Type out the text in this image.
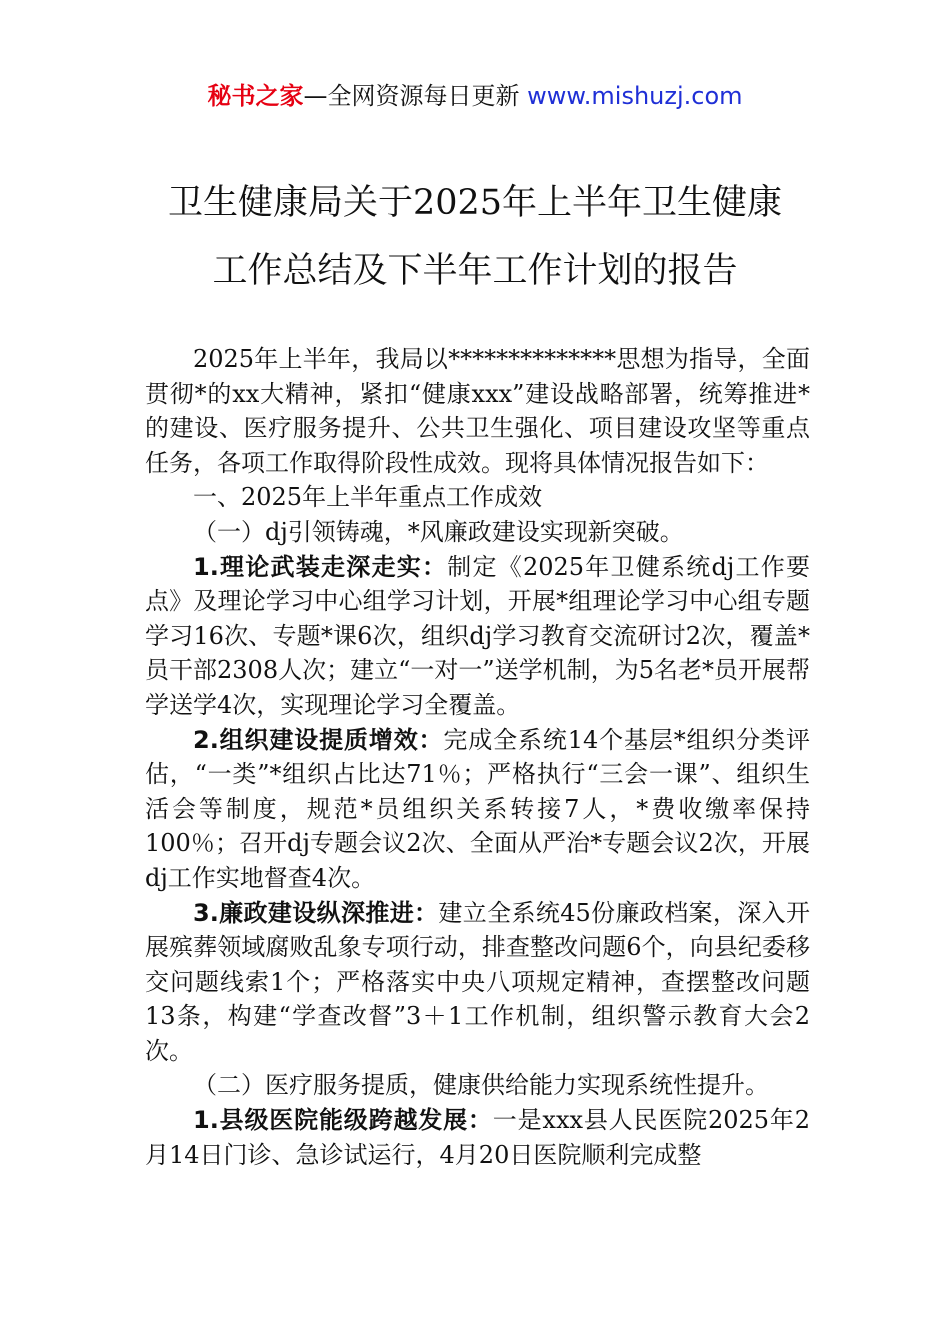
秘书之家—全网资源每日更新 www.mishuzj.com
卫生健康局关于2025年上半年卫生健康
工作总结及下半年工作计划的报告

2025年上半年，我局以**************思想为指导，全面贯彻*的xx大精神，紧扣“健康xxx”建设战略部署，统筹推进*的建设、医疗服务提升、公共卫生强化、项目建设攻坚等重点任务，各项工作取得阶段性成效。现将具体情况报告如下：

一、2025年上半年重点工作成效

（一）dj引领铸魂，*风廉政建设实现新突破。

1.理论武装走深走实：制定《2025年卫健系统dj工作要点》及理论学习中心组学习计划，开展*组理论学习中心组专题学习16次、专题*课6次，组织dj学习教育交流研讨2次，覆盖*员干部2308人次；建立“一对一”送学机制，为5名老*员开展帮学送学4次，实现理论学习全覆盖。

2.组织建设提质增效：完成全系统14个基层*组织分类评估，“一类”*组织占比达71％；严格执行“三会一课”、组织生活会等制度，规范*员组织关系转接7人，*费收缴率保持100％；召开dj专题会议2次、全面从严治*专题会议2次，开展dj工作实地督查4次。

3.廉政建设纵深推进：建立全系统45份廉政档案，深入开展殡葬领域腐败乱象专项行动，排查整改问题6个，向县纪委移交问题线索1个；严格落实中央八项规定精神，查摆整改问题13条，构建“学查改督”3＋1工作机制，组织警示教育大会2次。

（二）医疗服务提质，健康供给能力实现系统性提升。

1.县级医院能级跨越发展：一是xxx县人民医院2025年2月14日门诊、急诊试运行，4月20日医院顺利完成整
